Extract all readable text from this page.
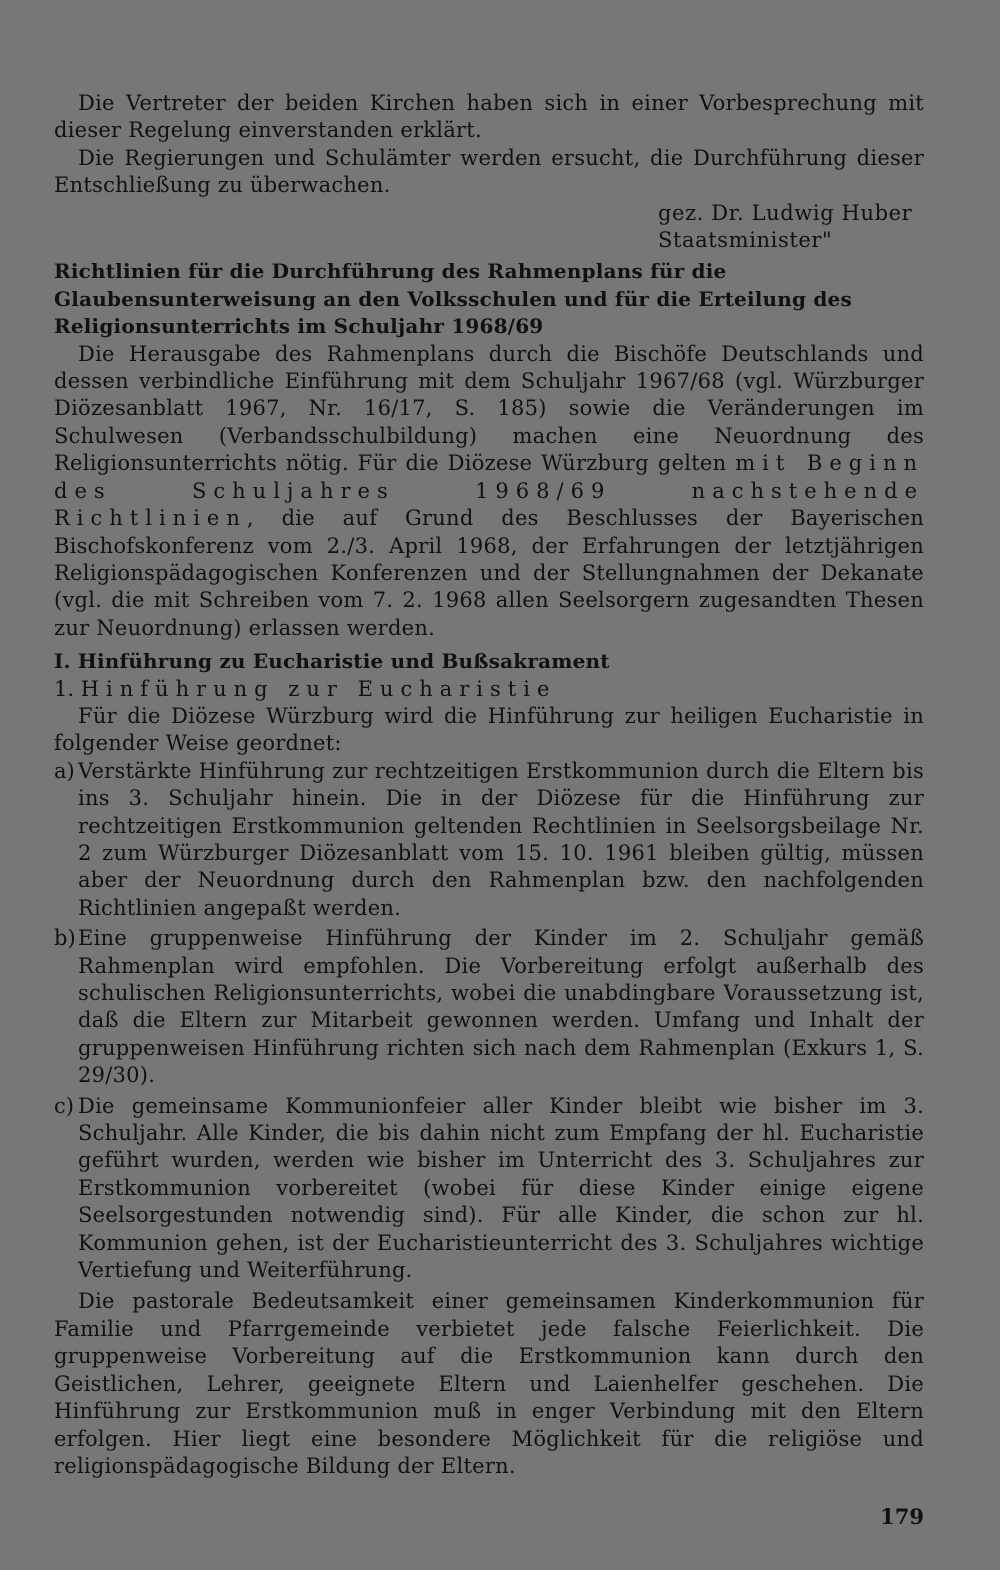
Die Vertreter der beiden Kirchen haben sich in einer Vorbesprechung mit dieser Regelung einverstanden erklärt.

Die Regierungen und Schulämter werden ersucht, die Durchführung dieser Entschließung zu überwachen.

gez. Dr. Ludwig Huber

Staatsminister"

Richtlinien für die Durchführung des Rahmenplans für die Glaubensunterweisung an den Volksschulen und für die Erteilung des Religionsunterrichts im Schuljahr 1968/69

Die Herausgabe des Rahmenplans durch die Bischöfe Deutschlands und dessen verbindliche Einführung mit dem Schuljahr 1967/68 (vgl. Würzburger Diözesanblatt 1967, Nr. 16/17, S. 185) sowie die Veränderungen im Schulwesen (Verbandsschulbildung) machen eine Neuordnung des Religionsunterrichts nötig. Für die Diözese Würzburg gelten mit Beginn des Schuljahres 1968/69 nachstehende Richtlinien, die auf Grund des Beschlusses der Bayerischen Bischofskonferenz vom 2./3. April 1968, der Erfahrungen der letztjährigen Religionspädagogischen Konferenzen und der Stellungnahmen der Dekanate (vgl. die mit Schreiben vom 7. 2. 1968 allen Seelsorgern zugesandten Thesen zur Neuordnung) erlassen werden.

I. Hinführung zu Eucharistie und Bußsakrament

1. Hinführung zur Eucharistie

Für die Diözese Würzburg wird die Hinführung zur heiligen Eucharistie in folgender Weise geordnet:

a) Verstärkte Hinführung zur rechtzeitigen Erstkommunion durch die Eltern bis ins 3. Schuljahr hinein. Die in der Diözese für die Hinführung zur rechtzeitigen Erstkommunion geltenden Rechtlinien in Seelsorgsbeilage Nr. 2 zum Würzburger Diözesanblatt vom 15. 10. 1961 bleiben gültig, müssen aber der Neuordnung durch den Rahmenplan bzw. den nachfolgenden Richtlinien angepaßt werden.
b) Eine gruppenweise Hinführung der Kinder im 2. Schuljahr gemäß Rahmenplan wird empfohlen. Die Vorbereitung erfolgt außerhalb des schulischen Religionsunterrichts, wobei die unabdingbare Voraussetzung ist, daß die Eltern zur Mitarbeit gewonnen werden. Umfang und Inhalt der gruppenweisen Hinführung richten sich nach dem Rahmenplan (Exkurs 1, S. 29/30).
c) Die gemeinsame Kommunionfeier aller Kinder bleibt wie bisher im 3. Schuljahr. Alle Kinder, die bis dahin nicht zum Empfang der hl. Eucharistie geführt wurden, werden wie bisher im Unterricht des 3. Schuljahres zur Erstkommunion vorbereitet (wobei für diese Kinder einige eigene Seelsorgestunden notwendig sind). Für alle Kinder, die schon zur hl. Kommunion gehen, ist der Eucharistieunterricht des 3. Schuljahres wichtige Vertiefung und Weiterführung.

Die pastorale Bedeutsamkeit einer gemeinsamen Kinderkommunion für Familie und Pfarrgemeinde verbietet jede falsche Feierlichkeit. Die gruppenweise Vorbereitung auf die Erstkommunion kann durch den Geistlichen, Lehrer, geeignete Eltern und Laienhelfer geschehen. Die Hinführung zur Erstkommunion muß in enger Verbindung mit den Eltern erfolgen. Hier liegt eine besondere Möglichkeit für die religiöse und religionspädagogische Bildung der Eltern.

179
